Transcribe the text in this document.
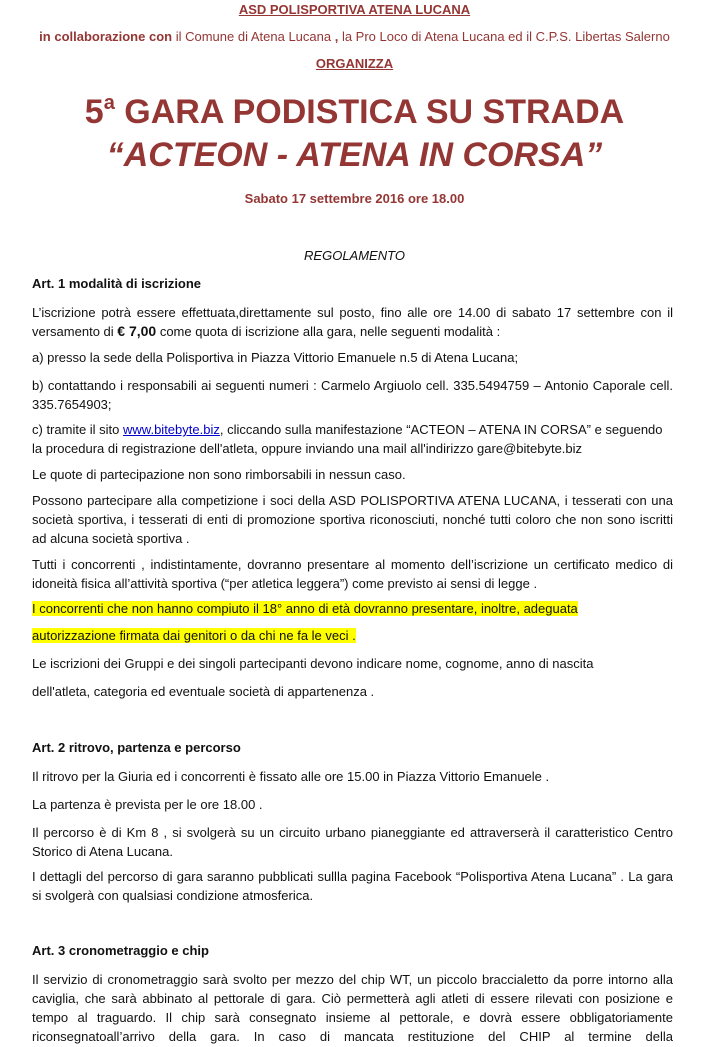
ASD POLISPORTIVA ATENA LUCANA
in collaborazione con il Comune di Atena Lucana , la Pro Loco di Atena Lucana ed il C.P.S. Libertas Salerno
ORGANIZZA
5$^a$ GARA PODISTICA SU STRADA
“ACTEON - ATENA IN CORSA”
Sabato 17 settembre 2016 ore 18.00
REGOLAMENTO
Art. 1 modalità di iscrizione
L’iscrizione potrà essere effettuata,direttamente sul posto, fino alle ore 14.00 di sabato 17 settembre con il versamento di € 7,00 come quota di iscrizione alla gara, nelle seguenti modalità :
a) presso la sede della Polisportiva in Piazza Vittorio Emanuele n.5 di Atena Lucana;
b) contattando i responsabili ai seguenti numeri : Carmelo Argiuolo cell. 335.5494759 – Antonio Caporale cell. 335.7654903;
c) tramite il sito www.bitebyte.biz, cliccando sulla manifestazione “ACTEON – ATENA IN CORSA” e seguendo la procedura di registrazione dell'atleta, oppure inviando una mail all'indirizzo gare@bitebyte.biz
Le quote di partecipazione non sono rimborsabili in nessun caso.
Possono partecipare alla competizione i soci della ASD POLISPORTIVA ATENA LUCANA, i tesserati con una società sportiva, i tesserati di enti di promozione sportiva riconosciuti, nonché tutti coloro che non sono iscritti ad alcuna società sportiva .
Tutti i concorrenti , indistintamente, dovranno presentare al momento dell’iscrizione un certificato medico di idoneità fisica all’attività sportiva (“per atletica leggera”) come previsto ai sensi di legge .
I concorrenti che non hanno compiuto il 18° anno di età dovranno presentare, inoltre, adeguata
autorizzazione firmata dai genitori o da chi ne fa le veci .
Le iscrizioni dei Gruppi e dei singoli partecipanti devono indicare nome, cognome, anno di nascita
dell'atleta, categoria ed eventuale società di appartenenza .
Art. 2 ritrovo, partenza e percorso
Il ritrovo per la Giuria ed i concorrenti è fissato alle ore 15.00 in Piazza Vittorio Emanuele .
La partenza è prevista per le ore 18.00 .
Il percorso è di Km 8 , si svolgerà su un circuito urbano pianeggiante ed attraverserà il caratteristico Centro Storico di Atena Lucana.
I dettagli del percorso di gara saranno pubblicati sullla pagina Facebook “Polisportiva Atena Lucana” . La gara si svolgerà con qualsiasi condizione atmosferica.
Art. 3 cronometraggio e chip
Il servizio di cronometraggio sarà svolto per mezzo del chip WT, un piccolo braccialetto da porre intorno alla caviglia, che sarà abbinato al pettorale di gara. Ciò permetterà agli atleti di essere rilevati con posizione e tempo al traguardo. Il chip sarà consegnato insieme al pettorale, e dovrà essere obbligatoriamente riconsegnatoall’arrivo della gara. In caso di mancata restituzione del CHIP al termine della
